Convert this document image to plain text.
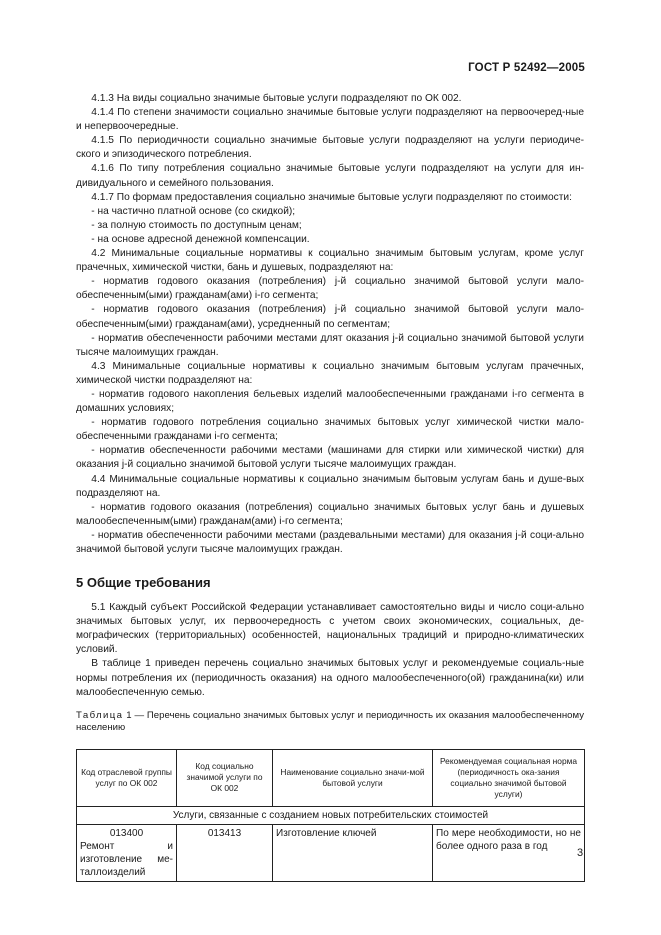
ГОСТ Р 52492—2005

  4.1.3 На виды социально значимые бытовые услуги подразделяют по ОК 002.

  4.1.4 По степени значимости социально значимые бытовые услуги подразделяют на первоочеред-ные и непервоочередные.

  4.1.5 По периодичности социально значимые бытовые услуги подразделяют на услуги периодиче-ского и эпизодического потребления.

  4.1.6 По типу потребления социально значимые бытовые услуги подразделяют на услуги для ин-дивидуального и семейного пользования.

  4.1.7 По формам предоставления социально значимые бытовые услуги подразделяют по стоимости:

  - на частично платной основе (со скидкой);

  - за полную стоимость по доступным ценам;

  - на основе адресной денежной компенсации.

  4.2 Минимальные социальные нормативы к социально значимым бытовым услугам, кроме услуг прачечных, химической чистки, бань и душевых, подразделяют на:

  - норматив годового оказания (потребления) j-й социально значимой бытовой услуги мало-обеспеченным(ыми) гражданам(ами) i-го сегмента;

  - норматив годового оказания (потребления) j-й социально значимой бытовой услуги мало-обеспеченным(ыми) гражданам(ами), усредненный по сегментам;

  - норматив обеспеченности рабочими местами длят оказания j-й социально значимой бытовой услуги тысяче малоимущих граждан.

  4.3 Минимальные социальные нормативы к социально значимым бытовым услугам прачечных, химической чистки подразделяют на:

  - норматив годового накопления бельевых изделий малообеспеченными гражданами i-го сегмента в домашних условиях;

  - норматив годового потребления социально значимых бытовых услуг химической чистки мало-обеспеченными гражданами i-го сегмента;

  - норматив обеспеченности рабочими местами (машинами для стирки или химической чистки) для оказания j-й социально значимой бытовой услуги тысяче малоимущих граждан.

  4.4 Минимальные социальные нормативы к социально значимым бытовым услугам бань и душе-вых подразделяют на.

  - норматив годового оказания (потребления) социально значимых бытовых услуг бань и душевых малообеспеченным(ыми) гражданам(ами) i-го сегмента;

  - норматив обеспеченности рабочими местами (раздевальными местами) для оказания j-й соци-ально значимой бытовой услуги тысяче малоимущих граждан.

5 Общие требования

  5.1 Каждый субъект Российской Федерации устанавливает самостоятельно виды и число соци-ально значимых бытовых услуг, их первоочередность с учетом своих экономических, социальных, де-мографических (территориальных) особенностей, национальных традиций и природно-климатических условий.

  В таблице 1 приведен перечень социально значимых бытовых услуг и рекомендуемые социаль-ные нормы потребления их (периодичность оказания) на одного малообеспеченного(ой) гражданина(ки) или малообеспеченную семью.

Таблица 1 — Перечень социально значимых бытовых услуг и периодичность их оказания малообеспеченному населению
Код отраслевой группы услуг по ОК 002	Код социально значимой услуги по ОК 002	Наименование социально значи-мой бытовой услуги	Рекомендуемая социальная норма (периодичность ока-зания социально значимой бытовой услуги)
Услуги, связанные с созданием новых потребительских стоимостей			

013400
Ремонт и изготовление ме-таллоизделий	013413	Изготовление ключей	По мере необходимости, но не более одного раза в год
3
